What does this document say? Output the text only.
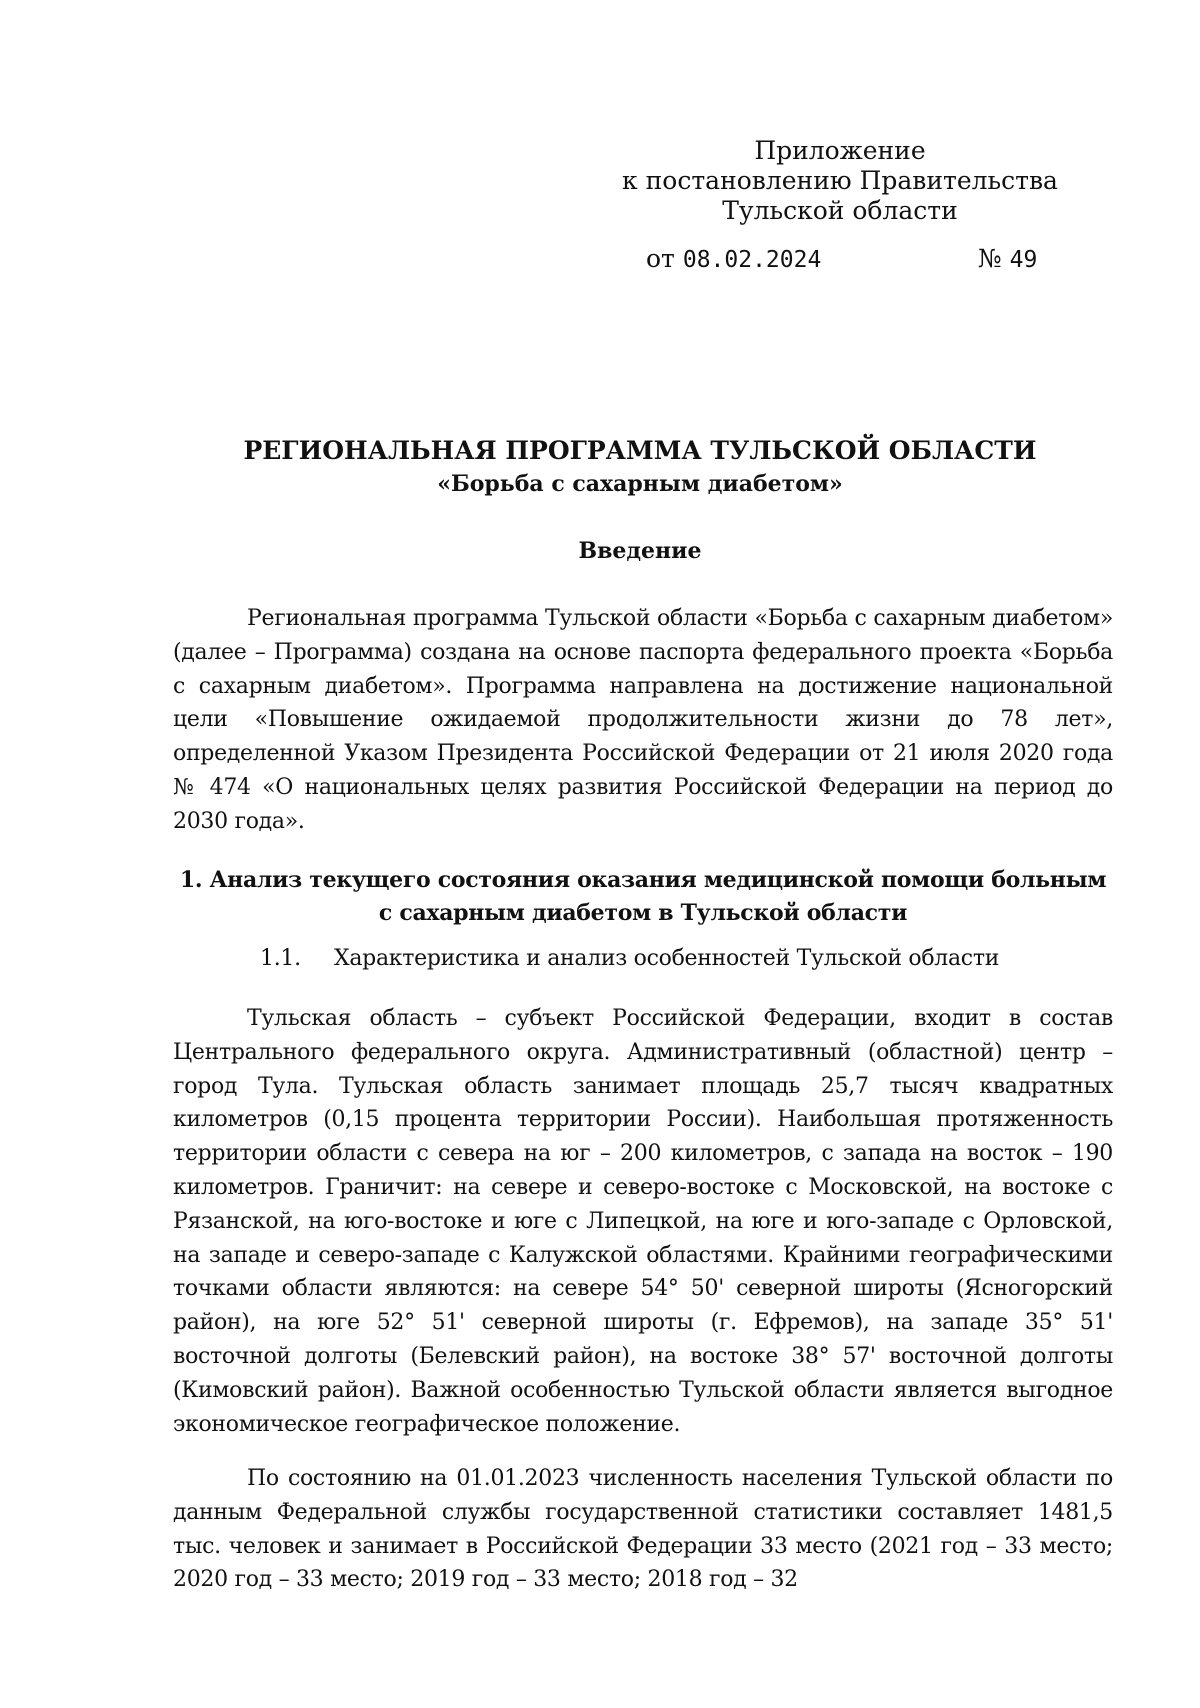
Приложение
к постановлению Правительства
Тульской области
от 08.02.2024	№ 49
РЕГИОНАЛЬНАЯ ПРОГРАММА ТУЛЬСКОЙ ОБЛАСТИ
«Борьба с сахарным диабетом»
Введение
Региональная программа Тульской области «Борьба с сахарным диабетом» (далее – Программа) создана на основе паспорта федерального проекта «Борьба с сахарным диабетом». Программа направлена на достижение национальной цели «Повышение ожидаемой продолжительности жизни до 78 лет», определенной Указом Президента Российской Федерации от 21 июля 2020 года № 474 «О национальных целях развития Российской Федерации на период до 2030 года».
1. Анализ текущего состояния оказания медицинской помощи больным с сахарным диабетом в Тульской области
1.1. Характеристика и анализ особенностей Тульской области
Тульская область – субъект Российской Федерации, входит в состав Центрального федерального округа. Административный (областной) центр – город Тула. Тульская область занимает площадь 25,7 тысяч квадратных километров (0,15 процента территории России). Наибольшая протяженность территории области с севера на юг – 200 километров, с запада на восток – 190 километров. Граничит: на севере и северо-востоке с Московской, на востоке с Рязанской, на юго-востоке и юге с Липецкой, на юге и юго-западе с Орловской, на западе и северо-западе с Калужской областями. Крайними географическими точками области являются: на севере 54° 50' северной широты (Ясногорский район), на юге 52° 51' северной широты (г. Ефремов), на западе 35° 51' восточной долготы (Белевский район), на востоке 38° 57' восточной долготы (Кимовский район). Важной особенностью Тульской области является выгодное экономическое географическое положение.
По состоянию на 01.01.2023 численность населения Тульской области по данным Федеральной службы государственной статистики составляет 1481,5 тыс. человек и занимает в Российской Федерации 33 место (2021 год – 33 место; 2020 год – 33 место; 2019 год – 33 место; 2018 год – 32
